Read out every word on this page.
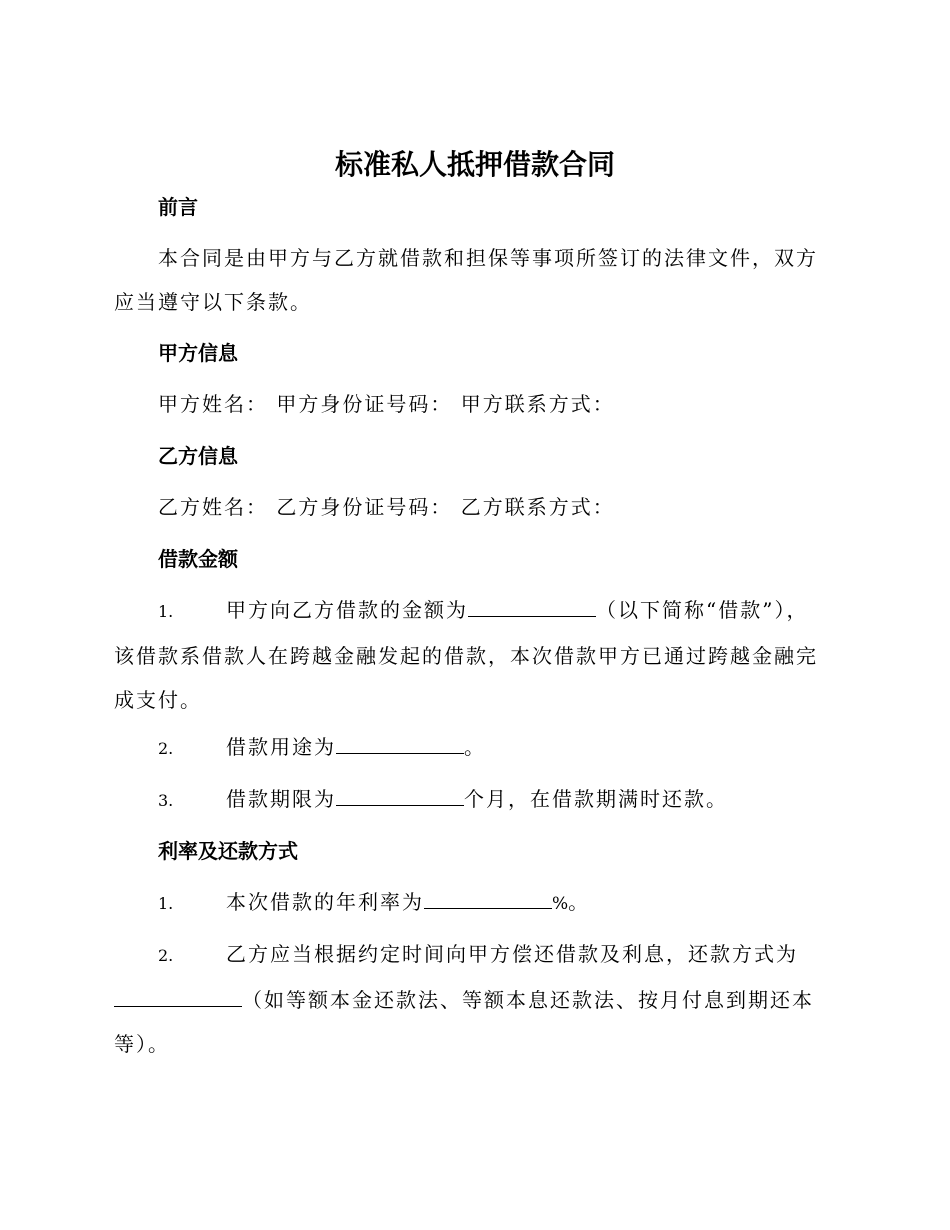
标准私人抵押借款合同
前言

本合同是由甲方与乙方就借款和担保等事项所签订的法律文件，双方应当遵守以下条款。

甲方信息

甲方姓名： 甲方身份证号码： 甲方联系方式：

乙方信息

乙方姓名： 乙方身份证号码： 乙方联系方式：

借款金额

1.	甲方向乙方借款的金额为	（以下简称“借款”），该借款系借款人在跨越金融发起的借款，本次借款甲方已通过跨越金融完成支付。

2.	借款用途为	。

3.	借款期限为	个月，在借款期满时还款。

利率及还款方式

1.	本次借款的年利率为	%。

2.	乙方应当根据约定时间向甲方偿还借款及利息，还款方式为（如等额本金还款法、等额本息还款法、按月付息到期还本等）。
